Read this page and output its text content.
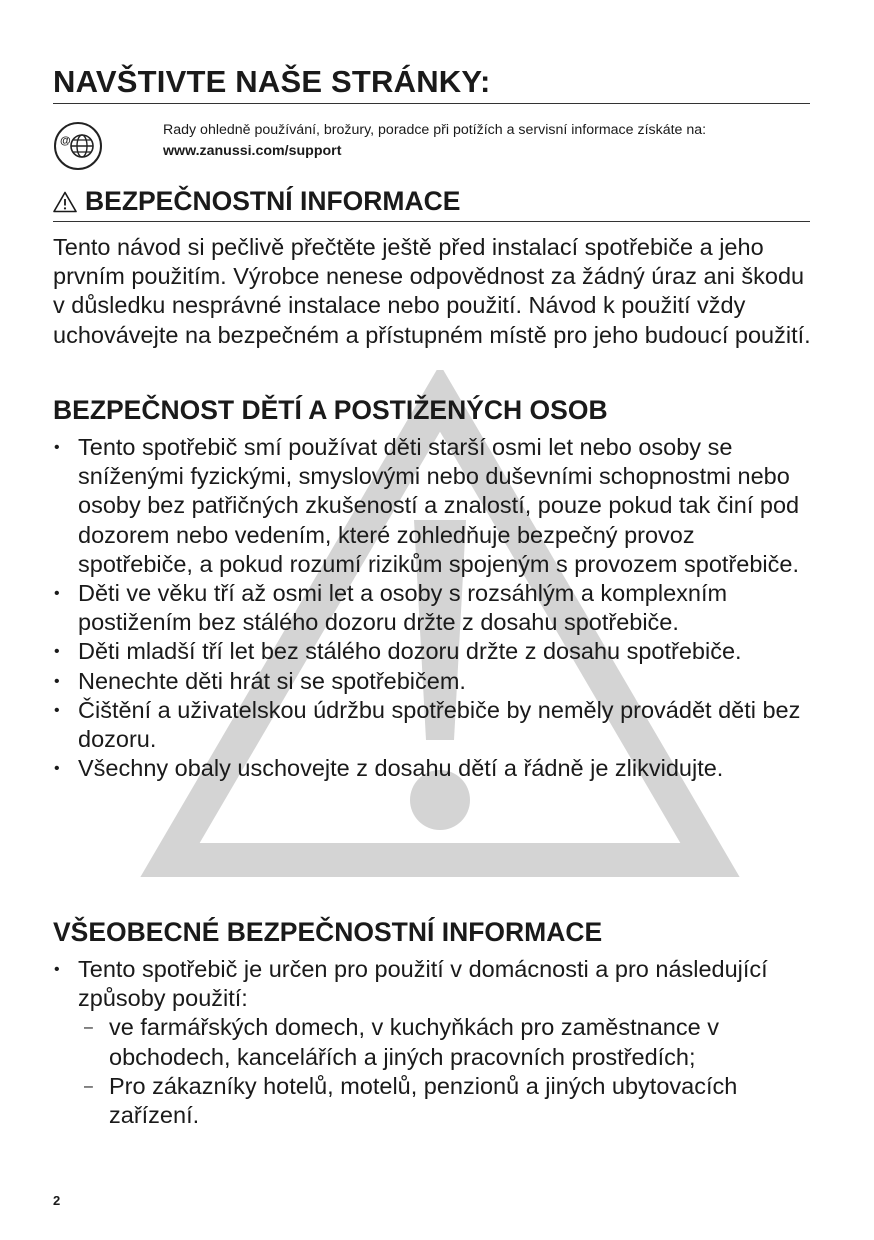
NAVŠTIVTE NAŠE STRÁNKY:
@
Rady ohledně používání, brožury, poradce při potížích a servisní informace získáte na:
www.zanussi.com/support
BEZPEČNOSTNÍ INFORMACE

Tento návod si pečlivě přečtěte ještě před instalací spotřebiče a jeho prvním použitím. Výrobce nenese odpovědnost za žádný úraz ani škodu v důsledku nesprávné instalace nebo použití. Návod k použití vždy uchovávejte na bezpečném a přístupném místě pro jeho budoucí použití.

BEZPEČNOST DĚTÍ A POSTIŽENÝCH OSOB
• Tento spotřebič smí používat děti starší osmi let nebo osoby se sníženými fyzickými, smyslovými nebo duševními schopnostmi nebo osoby bez patřičných zkušeností a znalostí, pouze pokud tak činí pod dozorem nebo vedením, které zohledňuje bezpečný provoz spotřebiče, a pokud rozumí rizikům spojeným s provozem spotřebiče.
• Děti ve věku tří až osmi let a osoby s rozsáhlým a komplexním postižením bez stálého dozoru držte z dosahu spotřebiče.
• Děti mladší tří let bez stálého dozoru držte z dosahu spotřebiče.
• Nenechte děti hrát si se spotřebičem.
• Čištění a uživatelskou údržbu spotřebiče by neměly provádět děti bez dozoru.
• Všechny obaly uschovejte z dosahu dětí a řádně je zlikvidujte.
VŠEOBECNÉ BEZPEČNOSTNÍ INFORMACE
• Tento spotřebič je určen pro použití v domácnosti a pro následující způsoby použití:
– ve farmářských domech, v kuchyňkách pro zaměstnance v obchodech, kancelářích a jiných pracovních prostředích;
– Pro zákazníky hotelů, motelů, penzionů a jiných ubytovacích zařízení.
2
